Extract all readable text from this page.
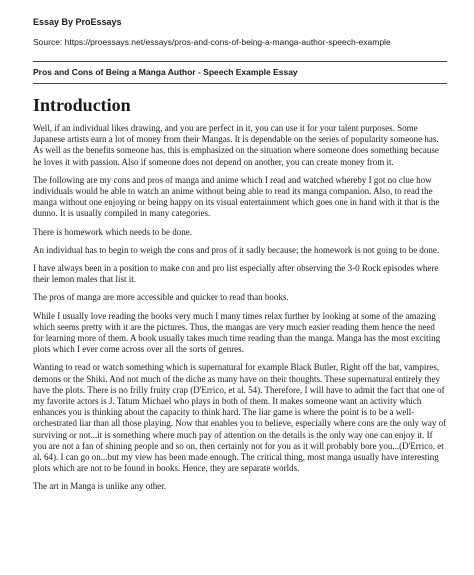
Essay By ProEssays
Source: https://proessays.net/essays/pros-and-cons-of-being-a-manga-author-speech-example
Pros and Cons of Being a Manga Author - Speech Example Essay
Introduction

Well, if an individual likes drawing, and you are perfect in it, you can use it for your talent purposes. Some Japanese artists earn a lot of money from their Mangas. It is dependable on the series of popularity someone has. As well as the benefits someone has, this is emphasized on the situation where someone does something because he loves it with passion. Also if someone does not depend on another, you can create money from it.

The following are my cons and pros of manga and anime which I read and watched whereby I got no clue how individuals would be able to watch an anime without being able to read its manga companion. Also, to read the manga without one enjoying or being happy on its visual entertainment which goes one in hand with it that is the dunno. It is usually compiled in many categories.

There is homework which needs to be done.

An individual has to begin to weigh the cons and pros of it sadly because; the homework is not going to be done.

I have always been in a position to make con and pro list especially after observing the 3-0 Rock episodes where their lemon males that list it.

The pros of manga are more accessible and quicker to read than books.

While I usually love reading the books very much I many times relax further by looking at some of the amazing which seems pretty with it are the pictures. Thus, the mangas are very much easier reading them hence the need for learning more of them. A book usually takes much time reading than the manga. Manga has the most exciting plots which I ever come across over all the sorts of genres.

Wanting to read or watch something which is supernatural for example Black Butler, Right off the bat, vampires, demons or the Shiki. And not much of the diche as many have on their thoughts. These supernatural entirely they have the plots. There is no frilly fruity crap (D'Errico, et al. 54). Therefore, I will have to admit the fact that one of my favorite actors is J. Tatum Michael who plays in both of them. It makes someone want an activity which enhances you is thinking about the capacity to think hard. The liar game is where the point is to be a well-orchestrated liar than all those playing. Now that enables you to believe, especially where cons are the only way of surviving or not...it is something where much pay of attention on the details is the only way one can enjoy it. If you are not a fan of shining people and so on, then certainly not for you as it will probably bore you...(D'Errico, et al. 64). I can go on...but my view has been made enough. The critical thing, most manga usually have interesting plots which are not to be found in books. Hence, they are separate worlds.

The art in Manga is unlike any other.
